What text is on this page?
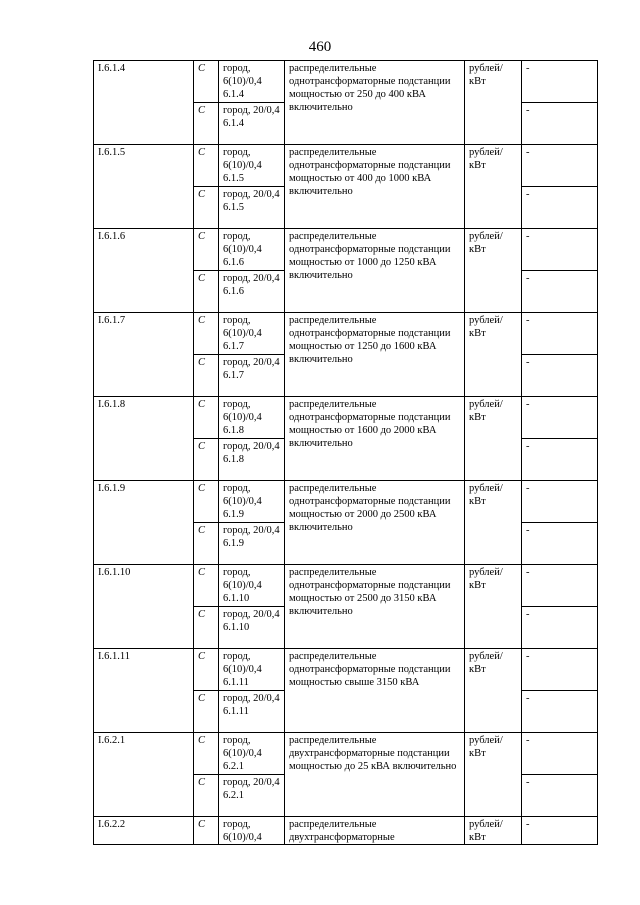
460
I.6.1.4	C	город, 6(10)/0,4 6.1.4	распределительные однотрансформаторные подстанции мощностью от 250 до 400 кВА включительно	рублей/ кВт	-
	C	город, 20/0,4 6.1.4			-
I.6.1.5	C	город, 6(10)/0,4 6.1.5	распределительные однотрансформаторные подстанции мощностью от 400 до 1000 кВА включительно	рублей/ кВт	-
	C	город, 20/0,4 6.1.5			-
I.6.1.6	C	город, 6(10)/0,4 6.1.6	распределительные однотрансформаторные подстанции мощностью от 1000 до 1250 кВА включительно	рублей/ кВт	-
	C	город, 20/0,4 6.1.6			-
I.6.1.7	C	город, 6(10)/0,4 6.1.7	распределительные однотрансформаторные подстанции мощностью от 1250 до 1600 кВА включительно	рублей/ кВт	-
	C	город, 20/0,4 6.1.7			-
I.6.1.8	C	город, 6(10)/0,4 6.1.8	распределительные однотрансформаторные подстанции мощностью от 1600 до 2000 кВА включительно	рублей/ кВт	-
	C	город, 20/0,4 6.1.8			-
I.6.1.9	C	город, 6(10)/0,4 6.1.9	распределительные однотрансформаторные подстанции мощностью от 2000 до 2500 кВА включительно	рублей/ кВт	-
	C	город, 20/0,4 6.1.9			-
I.6.1.10	C	город, 6(10)/0,4 6.1.10	распределительные однотрансформаторные подстанции мощностью от 2500 до 3150 кВА включительно	рублей/ кВт	-
	C	город, 20/0,4 6.1.10			-
I.6.1.11	C	город, 6(10)/0,4 6.1.11	распределительные однотрансформаторные подстанции мощностью свыше 3150 кВА	рублей/ кВт	-
	C	город, 20/0,4 6.1.11			-
I.6.2.1	C	город, 6(10)/0,4 6.2.1	распределительные двухтрансформаторные подстанции мощностью до 25 кВА включительно	рублей/ кВт	-
	C	город, 20/0,4 6.2.1			-
I.6.2.2	C	город, 6(10)/0,4	распределительные двухтрансформаторные	рублей/ кВт	-
